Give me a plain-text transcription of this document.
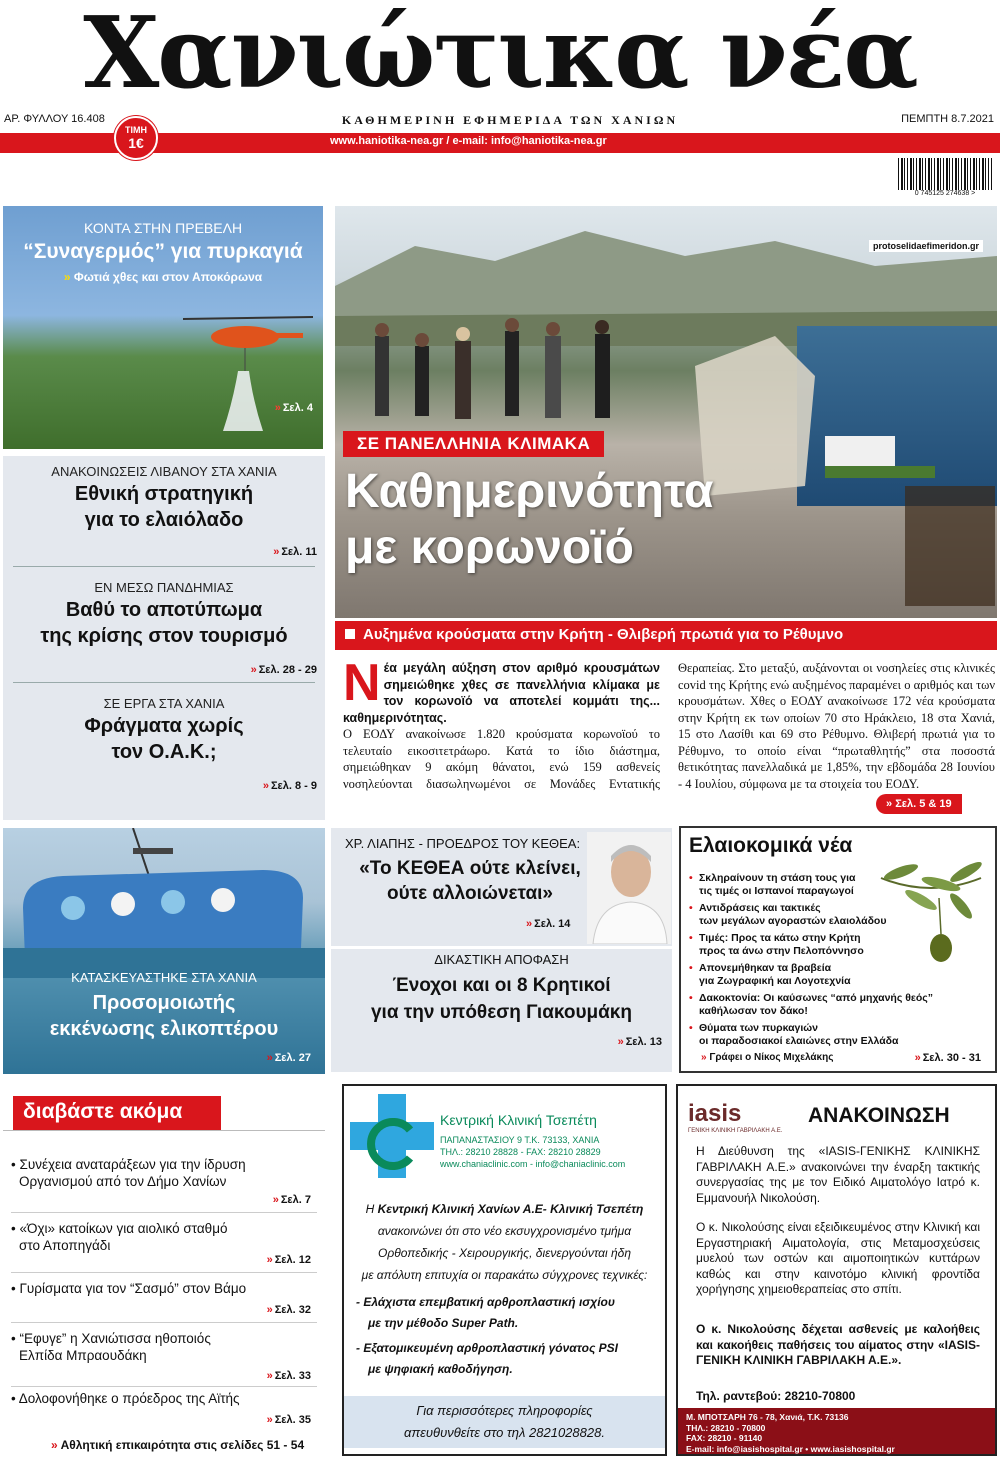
Χανιώτικα νέα
ΑΡ. ΦΥΛΛΟΥ 16.408	ΚΑΘΗΜΕΡΙΝΗ ΕΦΗΜΕΡΙΔΑ ΤΩΝ ΧΑΝΙΩΝ	ΠΕΜΠΤΗ 8.7.2021
www.haniotika-nea.gr / e-mail: info@haniotika-nea.gr
ΤΙΜΗ
1€
0 745125 274638 >
ΚΟΝΤΑ ΣΤΗΝ ΠΡΕΒΕΛΗ
“Συναγερμός” για πυρκαγιά
» Φωτιά χθες και στον Αποκόρωνα
» Σελ. 4
ΑΝΑΚΟΙΝΩΣΕΙΣ ΛΙΒΑΝΟΥ ΣΤΑ ΧΑΝΙΑ
Εθνική στρατηγική
για το ελαιόλαδο
» Σελ. 11
ΕΝ ΜΕΣΩ ΠΑΝΔΗΜΙΑΣ
Βαθύ το αποτύπωμα
της κρίσης στον τουρισμό
» Σελ. 28 - 29
ΣΕ ΕΡΓΑ ΣΤΑ ΧΑΝΙΑ
Φράγματα χωρίς
τον Ο.Α.Κ.;
» Σελ. 8 - 9
protoselidaefimeridon.gr
ΣΕ ΠΑΝΕΛΛΗΝΙΑ ΚΛΙΜΑΚΑ
Καθημερινότητα
με κορωνοϊό
Αυξημένα κρούσματα στην Κρήτη - Θλιβερή πρωτιά για το Ρέθυμνο
Νέα μεγάλη αύξηση στον αριθμό κρουσμάτων σημειώθηκε χθες σε πανελλήνια κλίμακα με τον κορωνοϊό να αποτελεί κομμάτι της... καθημερινότητας.

Ο ΕΟΔΥ ανακοίνωσε 1.820 κρούσματα κορωνοϊού το τελευταίο εικοσιτετράωρο. Κατά το ίδιο διάστημα, σημειώθηκαν 9 ακόμη θάνατοι, ενώ 159 ασθενείς νοσηλεύονται διασωληνωμένοι σε Μονάδες Εντατικής Θεραπείας. Στο μεταξύ, αυξάνονται οι νοσηλείες στις κλινικές covid της Κρήτης ενώ αυξημένος παραμένει ο αριθμός και των κρουσμάτων. Χθες ο ΕΟΔΥ ανακοίνωσε 172 νέα κρούσματα στην Κρήτη εκ των οποίων 70 στο Ηράκλειο, 18 στα Χανιά, 15 στο Λασίθι και 69 στο Ρέθυμνο. Θλιβερή πρωτιά για το Ρέθυμνο, το οποίο είναι “πρωταθλητής” στα ποσοστά θετικότητας πανελλαδικά με 1,85%, την εβδομάδα 28 Ιουνίου - 4 Ιουλίου, σύμφωνα με τα στοιχεία του ΕΟΔΥ.

» Σελ. 5 & 19
ΚΑΤΑΣΚΕΥΑΣΤΗΚΕ ΣΤΑ ΧΑΝΙΑ
Προσομοιωτής
εκκένωσης ελικοπτέρου
» Σελ. 27
ΧΡ. ΛΙΑΠΗΣ - ΠΡΟΕΔΡΟΣ ΤΟΥ ΚΕΘΕΑ:
«Το ΚΕΘΕΑ ούτε κλείνει,
ούτε αλλοιώνεται»
» Σελ. 14
ΔΙΚΑΣΤΙΚΗ ΑΠΟΦΑΣΗ
Ένοχοι και οι 8 Κρητικοί
για την υπόθεση Γιακουμάκη
» Σελ. 13
Ελαιοκομικά νέα
• Σκληραίνουν τη στάση τους για
τις τιμές οι Ισπανοί παραγωγοί
• Αντιδράσεις και τακτικές
των μεγάλων αγοραστών ελαιολάδου
• Τιμές: Προς τα κάτω στην Κρήτη
προς τα άνω στην Πελοπόννησο
• Απονεμήθηκαν τα βραβεία
για Ζωγραφική και Λογοτεχνία
• Δακοκτονία: Οι καύσωνες “από μηχανής θεός”
καθήλωσαν τον δάκο!
• Θύματα των πυρκαγιών
οι παραδοσιακοί ελαιώνες στην Ελλάδα
» Γράφει ο Νίκος Μιχελάκης	» Σελ. 30 - 31
διαβάστε ακόμα
• Συνέχεια αναταράξεων για την ίδρυση
Οργανισμού από τον Δήμο Χανίων
» Σελ. 7
• «Όχι» κατοίκων για αιολικό σταθμό
στο Αποπηγάδι
» Σελ. 12
• Γυρίσματα για τον “Σασμό” στον Βάμο
» Σελ. 32
• “Εφυγε” η Χανιώτισσα ηθοποιός
Ελπίδα Μπραουδάκη
» Σελ. 33
• Δολοφονήθηκε ο πρόεδρος της Αϊτής
» Σελ. 35
» Αθλητική επικαιρότητα στις σελίδες 51 - 54
Κεντρική Κλινική Τσεπέτη
ΠΑΠΑΝΑΣΤΑΣΙΟΥ 9 Τ.Κ. 73133, ΧΑΝΙΑ
ΤΗΛ.: 28210 28828 - FAX: 28210 28829
www.chaniaclinic.com - info@chaniaclinic.com
Η Κεντρική Κλινική Χανίων Α.Ε- Κλινική Τσεπέτη
ανακοινώνει ότι στο νέο εκσυγχρονισμένο τμήμα
Ορθοπεδικής - Χειρουργικής, διενεργούνται ήδη
με απόλυτη επιτυχία οι παρακάτω σύγχρονες τεχνικές:
- Ελάχιστα επεμβατική αρθροπλαστική ισχίου
με την μέθοδο Super Path.
- Εξατομικευμένη αρθροπλαστική γόνατος PSI
με ψηφιακή καθοδήγηση.
Για περισσότερες πληροφορίες
απευθυνθείτε στο τηλ 2821028828.
iasis
ΓΕΝΙΚΗ ΚΛΙΝΙΚΗ ΓΑΒΡΙΛΑΚΗ Α.Ε.
ΑΝΑΚΟΙΝΩΣΗ
Η Διεύθυνση της «IASIS-ΓΕΝΙΚΗΣ ΚΛΙΝΙΚΗΣ ΓΑΒΡΙΛΑΚΗ Α.Ε.» ανακοινώνει την έναρξη τακτικής συνεργασίας της με τον Ειδικό Αιματολόγο Ιατρό κ. Εμμανουήλ Νικολούση.
Ο κ. Νικολούσης είναι εξειδικευμένος στην Κλινική και Εργαστηριακή Αιματολογία, στις Μεταμοσχεύσεις μυελού των οστών και αιμοποιητικών κυττάρων καθώς και στην καινοτόμο κλινική φροντίδα χορήγησης χημειοθεραπείας στο σπίτι.
Ο κ. Νικολούσης δέχεται ασθενείς με καλοήθεις και κακοήθεις παθήσεις του αίματος στην «IASIS-ΓΕΝΙΚΗ ΚΛΙΝΙΚΗ ΓΑΒΡΙΛΑΚΗ Α.Ε.».
Τηλ. ραντεβού: 28210-70800
Μ. ΜΠΟΤΣΑΡΗ 76 - 78, Χανιά, Τ.Κ. 73136
ΤΗΛ.: 28210 - 70800
FAX: 28210 - 91140
E-mail: info@iasishospital.gr • www.iasishospital.gr
